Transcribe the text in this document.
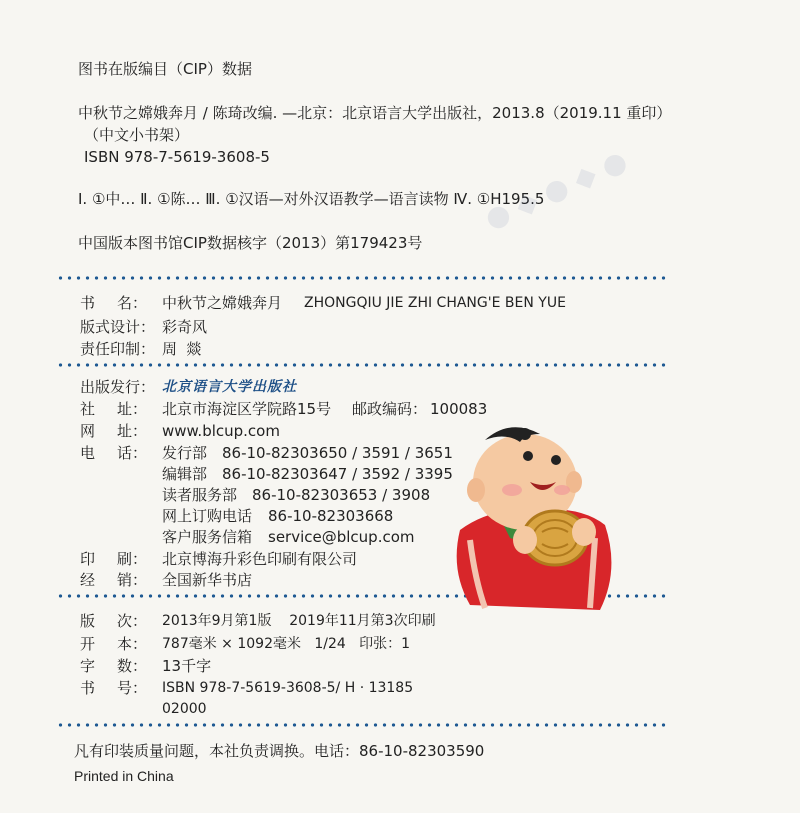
图书在版编目（CIP）数据
中秋节之嫦娥奔月 / 陈琦改编. —北京：北京语言大学出版社，2013.8（2019.11 重印）
（中文小书架）
ISBN 978-7-5619-3608-5
Ⅰ. ①中… Ⅱ. ①陈… Ⅲ. ①汉语—对外汉语教学—语言读物 Ⅳ. ①H195.5
中国版本图书馆CIP数据核字（2013）第179423号
书 名： 中秋节之嫦娥奔月 ZHONGQIU JIE ZHI CHANG'E BEN YUE
版式设计： 彩奇风
责任印制： 周  燚
出版发行： 北京语言大学出版社
社 址： 北京市海淀区学院路15号 邮政编码： 100083
网 址： www.blcup.com
电 话： 发行部 86-10-82303650 / 3591 / 3651
编辑部 86-10-82303647 / 3592 / 3395
读者服务部 86-10-82303653 / 3908
网上订购电话 86-10-82303668
客户服务信箱 service@blcup.com
印 刷： 北京博海升彩色印刷有限公司
经 销： 全国新华书店
版 次： 2013年9月第1版    2019年11月第3次印刷
开 本： 787毫米 × 1092毫米   1/24   印张：1
字 数： 13千字
书 号： ISBN 978-7-5619-3608-5/ H · 13185
02000
凡有印装质量问题，本社负责调换。电话：86-10-82303590
Printed in China
● ◆ ● ◆ ●
